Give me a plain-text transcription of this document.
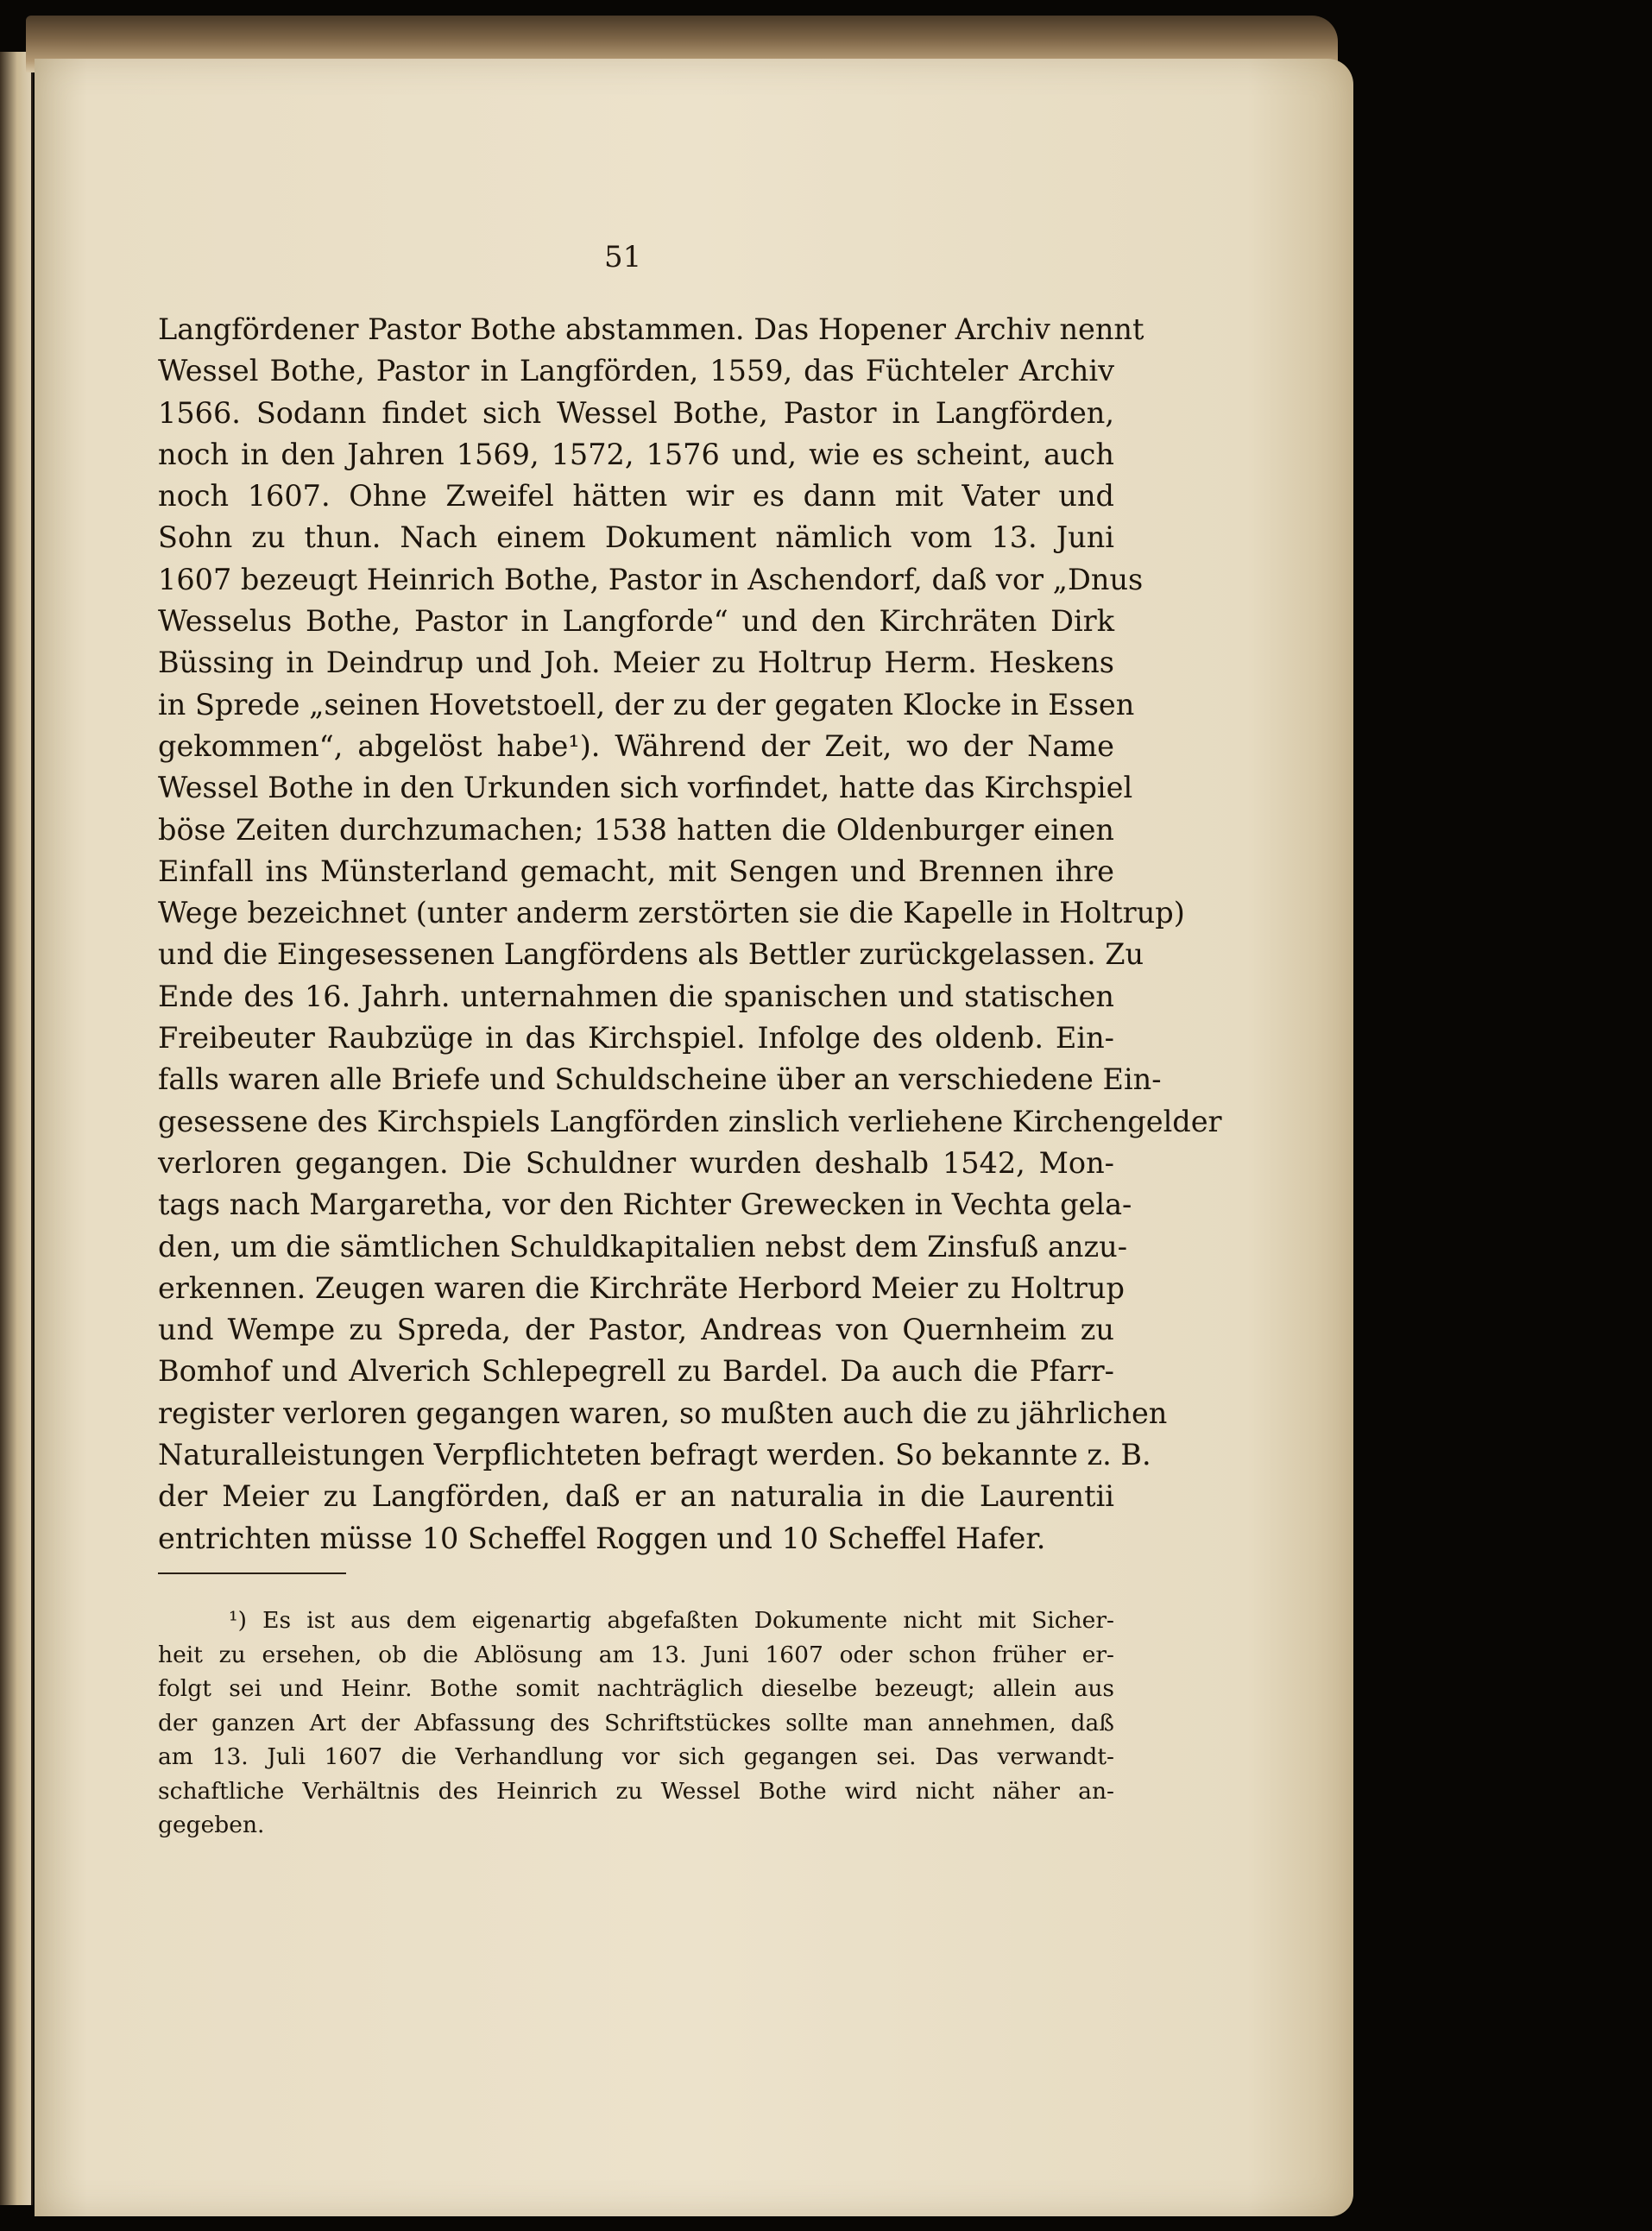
51
Langfördener Pastor Bothe abstammen. Das Hopener Archiv nennt
Wessel Bothe, Pastor in Langförden, 1559, das Füchteler Archiv
1566. Sodann findet sich Wessel Bothe, Pastor in Langförden,
noch in den Jahren 1569, 1572, 1576 und, wie es scheint, auch
noch 1607. Ohne Zweifel hätten wir es dann mit Vater und
Sohn zu thun. Nach einem Dokument nämlich vom 13. Juni
1607 bezeugt Heinrich Bothe, Pastor in Aschendorf, daß vor „Dnus
Wesselus Bothe, Pastor in Langforde“ und den Kirchräten Dirk
Büssing in Deindrup und Joh. Meier zu Holtrup Herm. Heskens
in Sprede „seinen Hovetstoell, der zu der gegaten Klocke in Essen
gekommen“, abgelöst habe¹). Während der Zeit, wo der Name
Wessel Bothe in den Urkunden sich vorfindet, hatte das Kirchspiel
böse Zeiten durchzumachen; 1538 hatten die Oldenburger einen
Einfall ins Münsterland gemacht, mit Sengen und Brennen ihre
Wege bezeichnet (unter anderm zerstörten sie die Kapelle in Holtrup)
und die Eingesessenen Langfördens als Bettler zurückgelassen. Zu
Ende des 16. Jahrh. unternahmen die spanischen und statischen
Freibeuter Raubzüge in das Kirchspiel. Infolge des oldenb. Ein-
falls waren alle Briefe und Schuldscheine über an verschiedene Ein-
gesessene des Kirchspiels Langförden zinslich verliehene Kirchengelder
verloren gegangen. Die Schuldner wurden deshalb 1542, Mon-
tags nach Margaretha, vor den Richter Grewecken in Vechta gela-
den, um die sämtlichen Schuldkapitalien nebst dem Zinsfuß anzu-
erkennen. Zeugen waren die Kirchräte Herbord Meier zu Holtrup
und Wempe zu Spreda, der Pastor, Andreas von Quernheim zu
Bomhof und Alverich Schlepegrell zu Bardel. Da auch die Pfarr-
register verloren gegangen waren, so mußten auch die zu jährlichen
Naturalleistungen Verpflichteten befragt werden. So bekannte z. B.
der Meier zu Langförden, daß er an naturalia in die Laurentii
entrichten müsse 10 Scheffel Roggen und 10 Scheffel Hafer.
¹) Es ist aus dem eigenartig abgefaßten Dokumente nicht mit Sicher-
heit zu ersehen, ob die Ablösung am 13. Juni 1607 oder schon früher er-
folgt sei und Heinr. Bothe somit nachträglich dieselbe bezeugt; allein aus
der ganzen Art der Abfassung des Schriftstückes sollte man annehmen, daß
am 13. Juli 1607 die Verhandlung vor sich gegangen sei. Das verwandt-
schaftliche Verhältnis des Heinrich zu Wessel Bothe wird nicht näher an-
gegeben.
